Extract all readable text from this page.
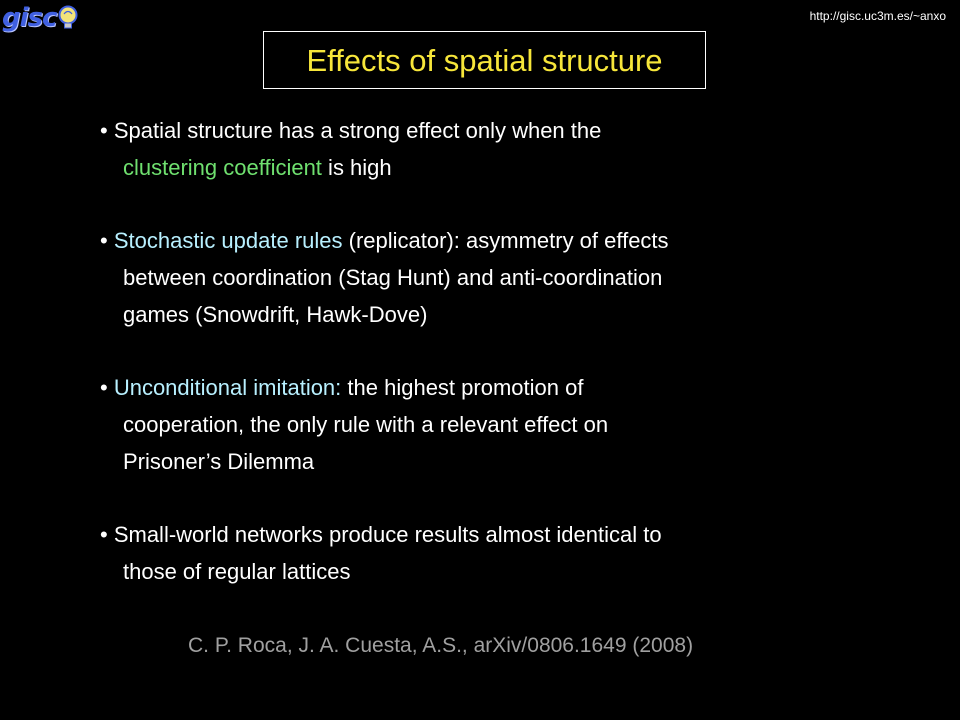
gisc	http://gisc.uc3m.es/~anxo
Effects of spatial structure
• Spatial structure has a strong effect only when the
clustering coefficient is high
• Stochastic update rules (replicator): asymmetry of effects
between coordination (Stag Hunt) and anti-coordination
games (Snowdrift, Hawk-Dove)
• Unconditional imitation: the highest promotion of
cooperation, the only rule with a relevant effect on
Prisoner’s Dilemma
• Small-world networks produce results almost identical to
those of regular lattices
C. P. Roca, J. A. Cuesta, A.S., arXiv/0806.1649 (2008)
